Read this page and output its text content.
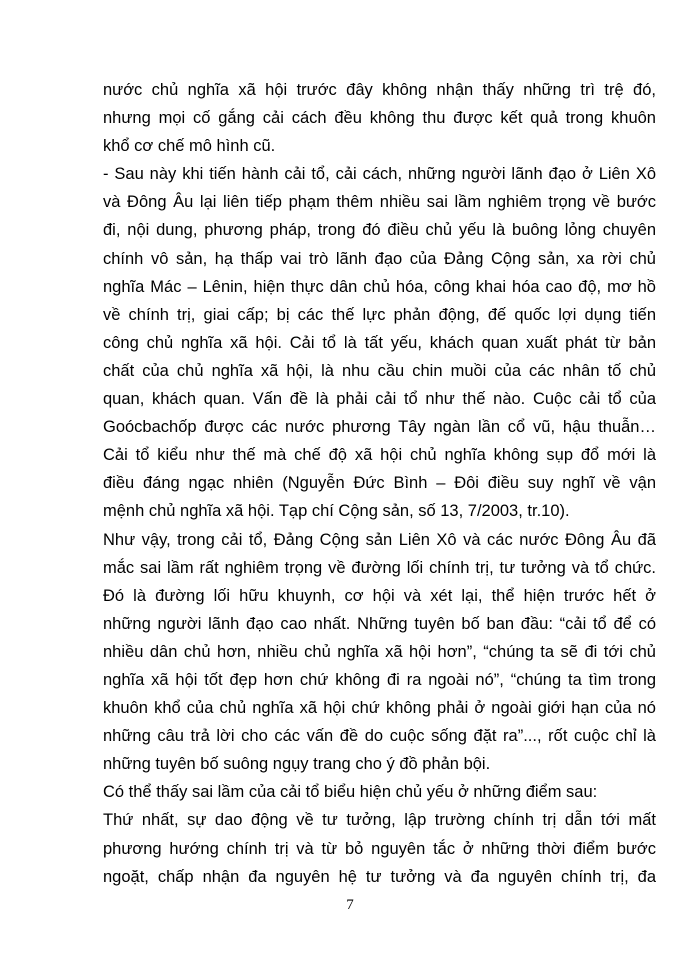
nước chủ nghĩa xã hội trước đây không nhận thấy những trì trệ đó,
nhưng mọi cố gắng cải cách đều không thu được kết quả trong khuôn
khổ cơ chế mô hình cũ.
- Sau này khi tiến hành cải tổ, cải cách, những người lãnh đạo ở Liên Xô
và Đông Âu lại liên tiếp phạm thêm nhiều sai lầm nghiêm trọng về bước
đi, nội dung, phương pháp, trong đó điều chủ yếu là buông lỏng chuyên
chính vô sản, hạ thấp vai trò lãnh đạo của Đảng Cộng sản, xa rời chủ
nghĩa Mác – Lênin, hiện thực dân chủ hóa, công khai hóa cao độ, mơ hồ
về chính trị, giai cấp; bị các thế lực phản động, đế quốc lợi dụng tiến
công chủ nghĩa xã hội. Cải tổ là tất yếu, khách quan xuất phát từ bản
chất của chủ nghĩa xã hội, là nhu cầu chin muồi của các nhân tố chủ
quan, khách quan. Vấn đề là phải cải tổ như thế nào. Cuộc cải tổ của
Goócbachốp được các nước phương Tây ngàn lần cổ vũ, hậu thuẫn…
Cải tổ kiểu như thế mà chế độ xã hội chủ nghĩa không sụp đổ mới là
điều đáng ngạc nhiên (Nguyễn Đức Bình – Đôi điều suy nghĩ về vận
mệnh chủ nghĩa xã hội. Tạp chí Cộng sản, số 13, 7/2003, tr.10).
Như vậy, trong cải tổ, Đảng Cộng sản Liên Xô và các nước Đông Âu đã
mắc sai lầm rất nghiêm trọng về đường lối chính trị, tư tưởng và tổ chức.
Đó là đường lối hữu khuynh, cơ hội và xét lại, thể hiện trước hết ở
những người lãnh đạo cao nhất. Những tuyên bố ban đầu: “cải tổ để có
nhiều dân chủ hơn, nhiều chủ nghĩa xã hội hơn”, “chúng ta sẽ đi tới chủ
nghĩa xã hội tốt đẹp hơn chứ không đi ra ngoài nó”, “chúng ta tìm trong
khuôn khổ của chủ nghĩa xã hội chứ không phải ở ngoài giới hạn của nó
những câu trả lời cho các vấn đề do cuộc sống đặt ra”..., rốt cuộc chỉ là
những tuyên bố suông ngụy trang cho ý đồ phản bội.
Có thể thấy sai lầm của cải tổ biểu hiện chủ yếu ở những điểm sau:
Thứ nhất, sự dao động về tư tưởng, lập trường chính trị dẫn tới mất
phương hướng chính trị và từ bỏ nguyên tắc ở những thời điểm bước
ngoặt, chấp nhận đa nguyên hệ tư tưởng và đa nguyên chính trị, đa
7
